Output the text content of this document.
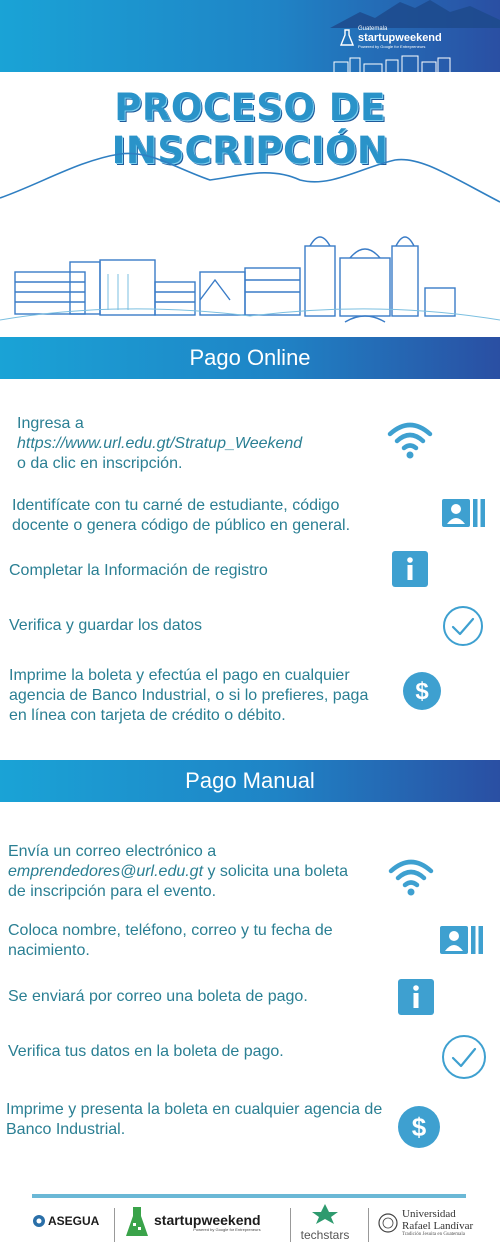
Guatemala
startupweekend
Powered by Google for Entrepreneurs
PROCESO DE INSCRIPCIÓN
Pago Online
Ingresa a
https://www.url.edu.gt/Stratup_Weekend
o da clic en inscripción.
Identifícate con tu carné de estudiante, código docente o genera código de público en general.
Completar la Información de registro
Verifica y guardar los datos
Imprime la boleta y efectúa el pago en cualquier agencia de Banco Industrial, o si lo prefieres, paga en línea con tarjeta de crédito o débito.
$
Pago Manual
Envía un correo electrónico a
emprendedores@url.edu.gt y solicita una boleta de inscripción para el evento.
Coloca nombre, teléfono, correo y tu fecha de nacimiento.
Se enviará por correo una boleta de pago.
Verifica tus datos en la boleta de pago.
Imprime y presenta la boleta en cualquier agencia de Banco Industrial.	$
ASEGUA	startupweekend
Powered by Google for Entrepreneurs	techstars
Universidad
Rafael Landívar
Tradición Jesuita en Guatemala
